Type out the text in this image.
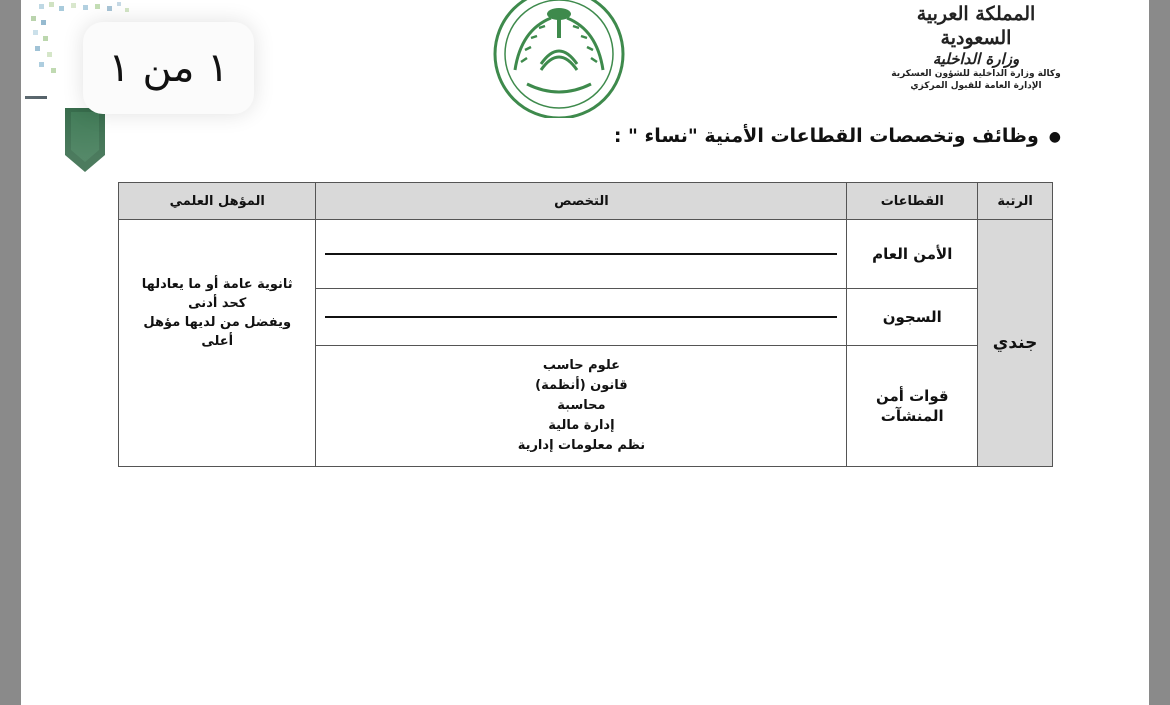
١ من ١
المملكة العربية السعودية
وزارة الداخلية
وكالة وزارة الداخلية للشؤون العسكرية
الإدارة العامة للقبول المركزي
●وظائف وتخصصات القطاعات الأمنية "نساء " :
الرتبة	القطاعات	التخصص	المؤهل العلمي
جندي	الأمن العام		ثانوية عامة أو ما يعادلها
كحد أدنى
ويفضل من لديها مؤهل
أعلى

	السجون		

	قوات أمن المنشآت	علوم حاسب
قانون (أنظمة)
محاسبة
إدارة مالية
نظم معلومات إدارية	
